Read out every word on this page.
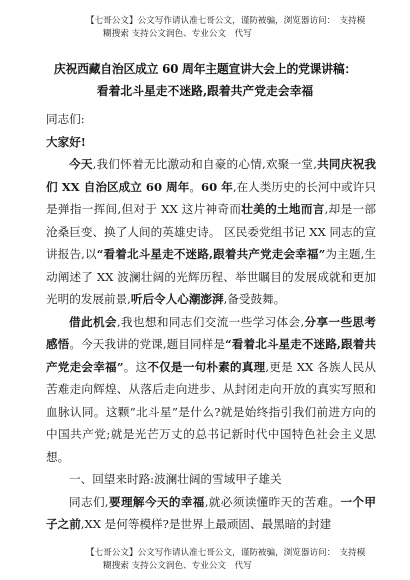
【七哥公文】公文写作请认准七哥公文，谨防被骗，浏览器访问：　支持模
糊搜索 支持公文润色、专业公文　代写
庆祝西藏自治区成立 60 周年主题宣讲大会上的党课讲稿：
看着北斗星走不迷路,跟着共产党走会幸福

同志们:

大家好!

今天,我们怀着无比激动和自豪的心情,欢聚一堂,共同庆祝我们 XX 自治区成立 60 周年。60 年,在人类历史的长河中或许只是弹指一挥间,但对于 XX 这片神奇而壮美的土地而言,却是一部沧桑巨变、换了人间的英雄史诗。 区民委党组书记 XX 同志的宣讲报告,以“看着北斗星走不迷路,跟着共产党走会幸福”为主题,生动阐述了 XX 波澜壮阔的光辉历程、举世瞩目的发展成就和更加光明的发展前景,听后令人心潮澎湃,备受鼓舞。

借此机会,我也想和同志们交流一些学习体会,分享一些思考感悟。今天我讲的党课,题目同样是“看着北斗星走不迷路,跟着共产党走会幸福”。这不仅是一句朴素的真理,更是 XX 各族人民从苦难走向辉煌、从落后走向进步、从封闭走向开放的真实写照和血脉认同。这颗“北斗星”是什么?就是始终指引我们前进方向的中国共产党;就是光芒万丈的总书记新时代中国特色社会主义思想。

一、回望来时路:波澜壮阔的雪域甲子雄关

同志们,要理解今天的幸福,就必须读懂昨天的苦难。一个甲子之前,XX 是何等模样?是世界上最顽固、最黑暗的封建

【七哥公文】公文写作请认准七哥公文，谨防被骗，浏览器访问：　支持模
糊搜索 支持公文润色、专业公文　代写
